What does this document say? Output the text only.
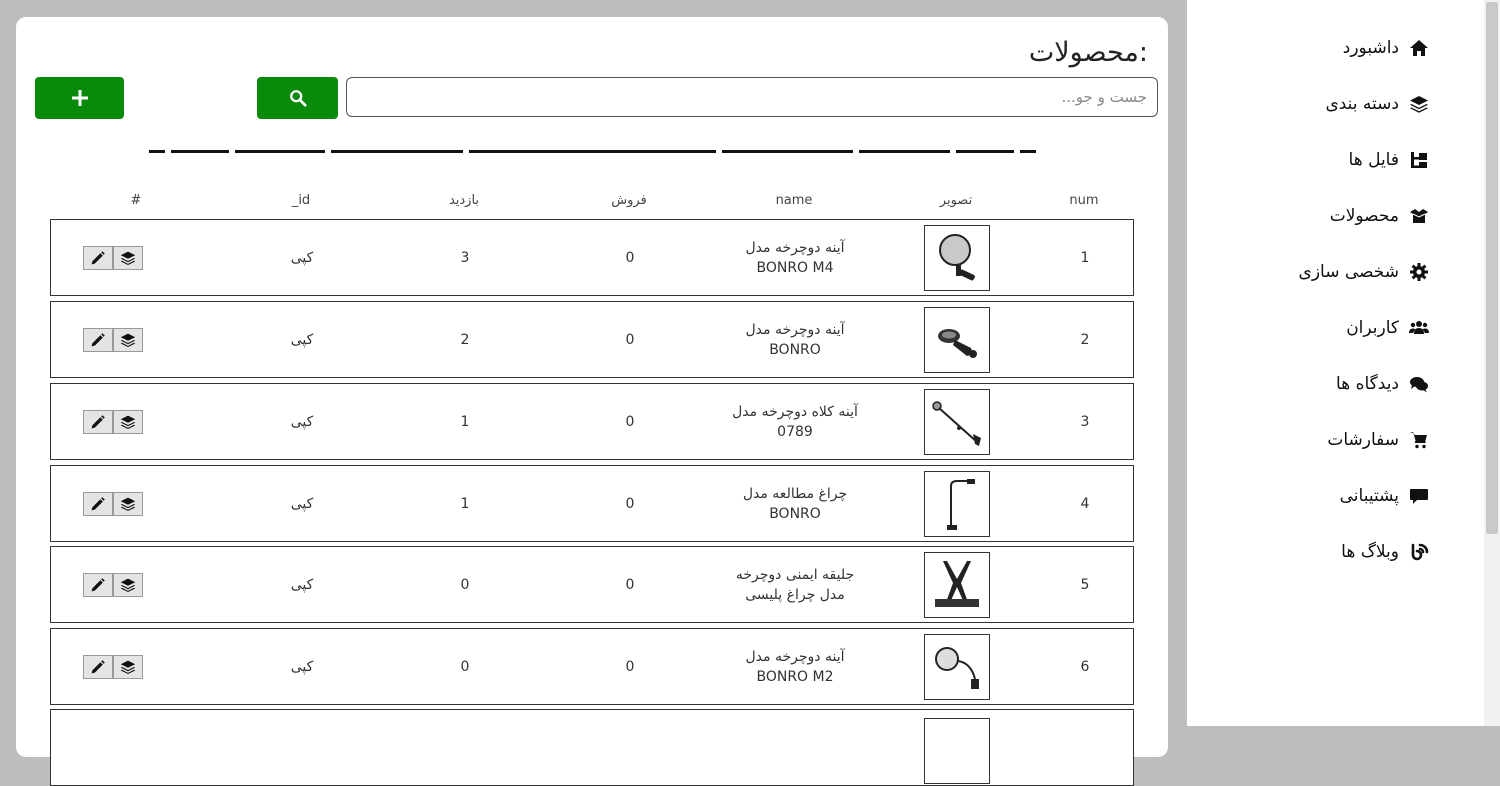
داشبورد
دسته بندی
فایل ها
محصولات
شخصی سازی
کاربران
دیدگاه ها
سفارشات
پشتیبانی
وبلاگ ها
محصولات:
جست و جو...
num
تصویر
name
فروش
بازدید
_id
#
1
آینه دوچرخه مدل
BONRO M4
0
3
کپی
2
آینه دوچرخه مدل
BONRO
0
2
کپی
3
آینه کلاه دوچرخه مدل
0789
0
1
کپی
4
چراغ مطالعه مدل
BONRO
0
1
کپی
5
جلیقه ایمنی دوچرخه
مدل چراغ پلیسی
0
0
کپی
6
آینه دوچرخه مدل
BONRO M2
0
0
کپی
